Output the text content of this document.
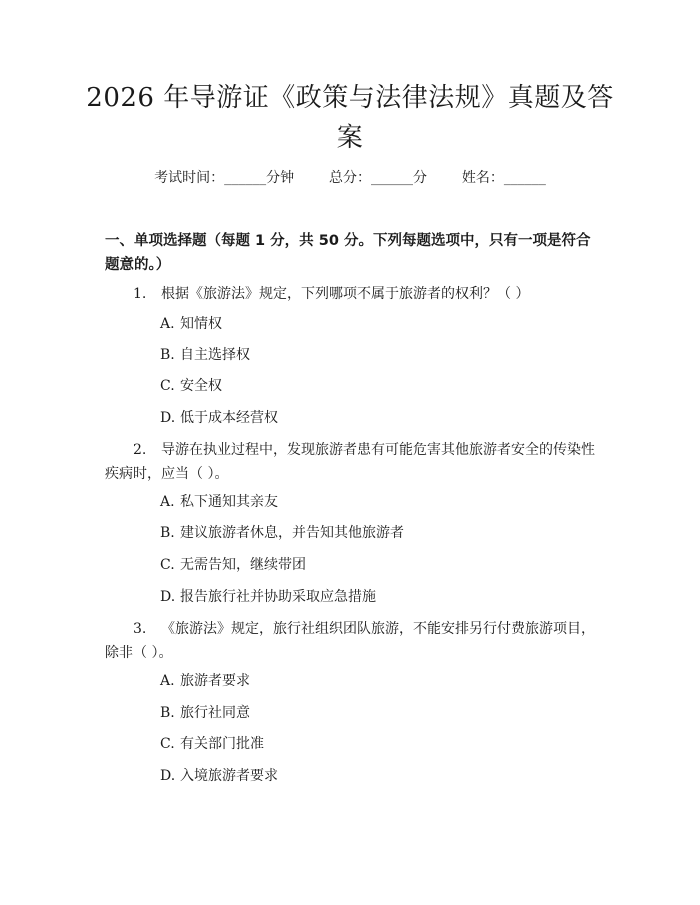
2026 年导游证《政策与法律法规》真题及答案
考试时间：______分钟 总分：______分 姓名：______
一、单项选择题（每题 1 分，共 50 分。下列每题选项中，只有一项是符合题意的。）
1. 根据《旅游法》规定，下列哪项不属于旅游者的权利？（ ）
A. 知情权
B. 自主选择权
C. 安全权
D. 低于成本经营权
2. 导游在执业过程中，发现旅游者患有可能危害其他旅游者安全的传染性疾病时，应当（ ）。
A. 私下通知其亲友
B. 建议旅游者休息，并告知其他旅游者
C. 无需告知，继续带团
D. 报告旅行社并协助采取应急措施
3. 《旅游法》规定，旅行社组织团队旅游，不能安排另行付费旅游项目，除非（ ）。
A. 旅游者要求
B. 旅行社同意
C. 有关部门批准
D. 入境旅游者要求
